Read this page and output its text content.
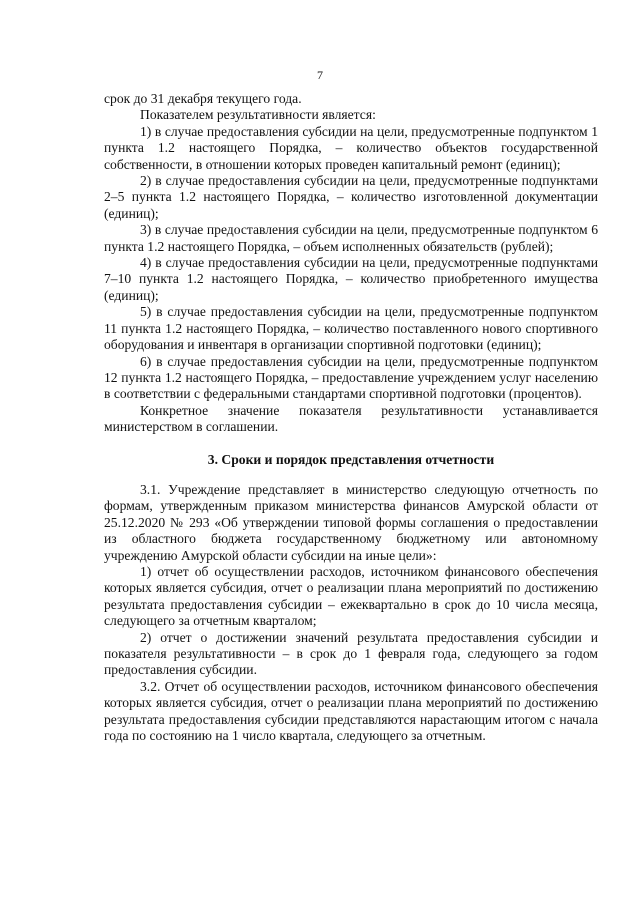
7

срок до 31 декабря текущего года.

Показателем результативности является:

1) в случае предоставления субсидии на цели, предусмотренные подпунктом 1 пункта 1.2 настоящего Порядка, – количество объектов государственной собственности, в отношении которых проведен капитальный ремонт (единиц);

2) в случае предоставления субсидии на цели, предусмотренные подпунктами 2–5 пункта 1.2 настоящего Порядка, – количество изготовленной документации (единиц);

3) в случае предоставления субсидии на цели, предусмотренные подпунктом 6 пункта 1.2 настоящего Порядка, – объем исполненных обязательств (рублей);

4) в случае предоставления субсидии на цели, предусмотренные подпунктами 7–10 пункта 1.2 настоящего Порядка, – количество приобретенного имущества (единиц);

5) в случае предоставления субсидии на цели, предусмотренные подпунктом 11 пункта 1.2 настоящего Порядка, – количество поставленного нового спортивного оборудования и инвентаря в организации спортивной подготовки (единиц);

6) в случае предоставления субсидии на цели, предусмотренные подпунктом 12 пункта 1.2 настоящего Порядка, – предоставление учреждением услуг населению в соответствии с федеральными стандартами спортивной подготовки (процентов).

Конкретное значение показателя результативности устанавливается министерством в соглашении.

3. Сроки и порядок представления отчетности

3.1. Учреждение представляет в министерство следующую отчетность по формам, утвержденным приказом министерства финансов Амурской области от 25.12.2020 № 293 «Об утверждении типовой формы соглашения о предоставлении из областного бюджета государственному бюджетному или автономному учреждению Амурской области субсидии на иные цели»:

1) отчет об осуществлении расходов, источником финансового обеспечения которых является субсидия, отчет о реализации плана мероприятий по достижению результата предоставления субсидии – ежеквартально в срок до 10 числа месяца, следующего за отчетным кварталом;

2) отчет о достижении значений результата предоставления субсидии и показателя результативности – в срок до 1 февраля года, следующего за годом предоставления субсидии.

3.2. Отчет об осуществлении расходов, источником финансового обеспечения которых является субсидия, отчет о реализации плана мероприятий по достижению результата предоставления субсидии представляются нарастающим итогом с начала года по состоянию на 1 число квартала, следующего за отчетным.
